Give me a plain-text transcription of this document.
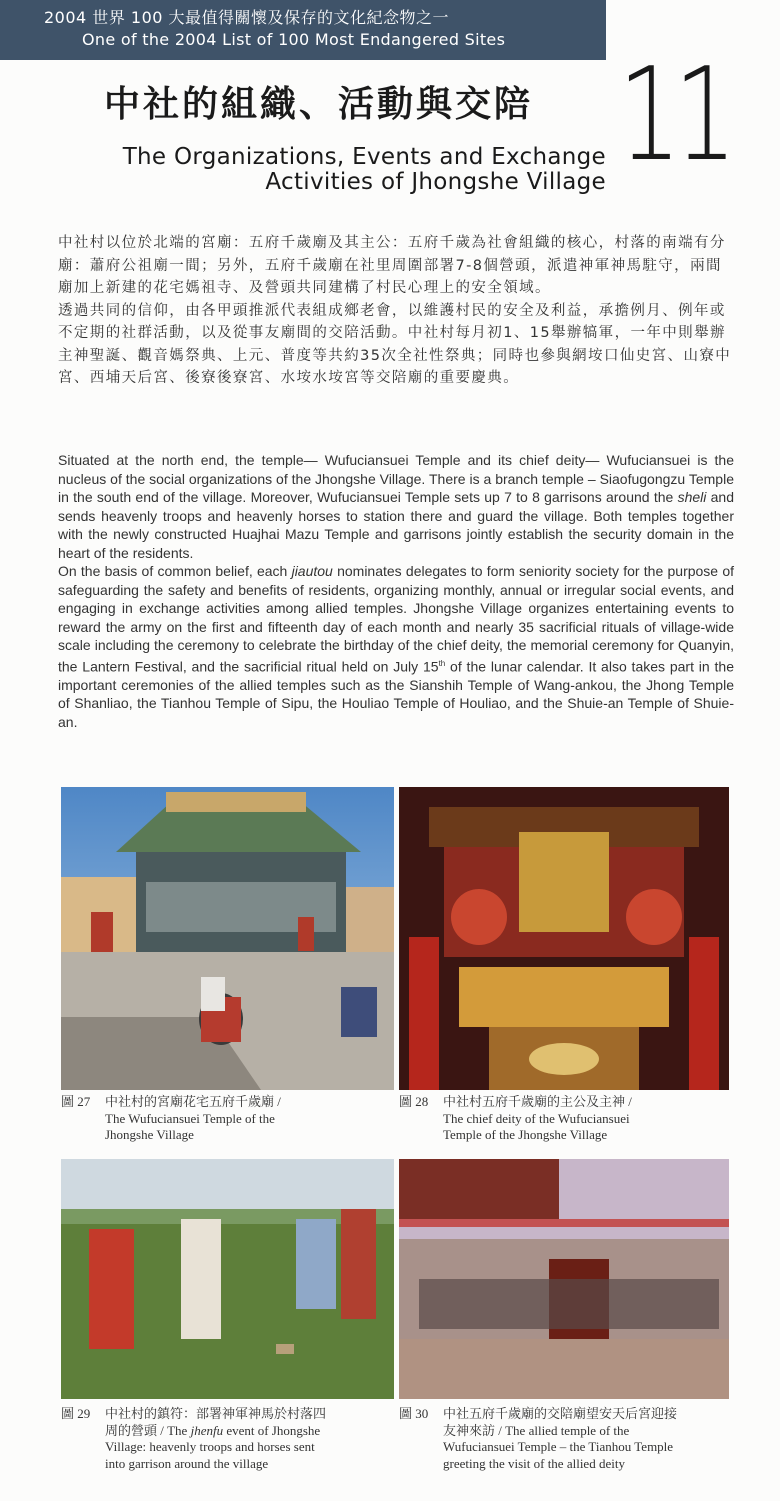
2004 世界 100 大最值得關懷及保存的文化紀念物之一
One of the 2004 List of 100 Most Endangered Sites
11
中社的組織、活動與交陪
The Organizations, Events and Exchange
Activities of Jhongshe Village

中社村以位於北端的宮廟：五府千歲廟及其主公：五府千歲為社會組織的核心，村落的南端有分廟：蕭府公祖廟一間；另外，五府千歲廟在社里周圍部署7-8個營頭，派遣神軍神馬駐守，兩間廟加上新建的花宅媽祖寺、及營頭共同建構了村民心理上的安全領域。

透過共同的信仰，由各甲頭推派代表組成鄉老會，以維護村民的安全及利益，承擔例月、例年或不定期的社群活動，以及從事友廟間的交陪活動。中社村每月初1、15舉辦犒軍，一年中則舉辦主神聖誕、觀音媽祭典、上元、普度等共約35次全社性祭典；同時也參與網垵口仙史宮、山寮中宮、西埔天后宮、後寮後寮宮、水垵水垵宮等交陪廟的重要慶典。

Situated at the north end, the temple— Wufuciansuei Temple and its chief deity— Wufuciansuei is the nucleus of the social organizations of the Jhongshe Village. There is a branch temple – Siaofugongzu Temple in the south end of the village. Moreover, Wufuciansuei Temple sets up 7 to 8 garrisons around the sheli and sends heavenly troops and heavenly horses to station there and guard the village. Both temples together with the newly constructed Huajhai Mazu Temple and garrisons jointly establish the security domain in the heart of the residents.

On the basis of common belief, each jiautou nominates delegates to form seniority society for the purpose of safeguarding the safety and benefits of residents, organizing monthly, annual or irregular social events, and engaging in exchange activities among allied temples. Jhongshe Village organizes entertaining events to reward the army on the first and fifteenth day of each month and nearly 35 sacrificial rituals of village-wide scale including the ceremony to celebrate the birthday of the chief deity, the memorial ceremony for Quanyin, the Lantern Festival, and the sacrificial ritual held on July 15th of the lunar calendar. It also takes part in the important ceremonies of the allied temples such as the Sianshih Temple of Wang-ankou, the Jhong Temple of Shanliao, the Tianhou Temple of Sipu, the Houliao Temple of Houliao, and the Shuie-an Temple of Shuie-an.

圖 27	中社村的宮廟花宅五府千歲廟 /
The Wufuciansuei Temple of the
Jhongshe Village
圖 28	中社村五府千歲廟的主公及主神 /
The chief deity of the Wufuciansuei
Temple of the Jhongshe Village
圖 29	中社村的鎮符：部署神軍神馬於村落四
周的營頭 / The jhenfu event of Jhongshe
Village: heavenly troops and horses sent
into garrison around the village
圖 30	中社五府千歲廟的交陪廟望安天后宮迎接
友神來訪 / The allied temple of the
Wufuciansuei Temple – the Tianhou Temple
greeting the visit of the allied deity
